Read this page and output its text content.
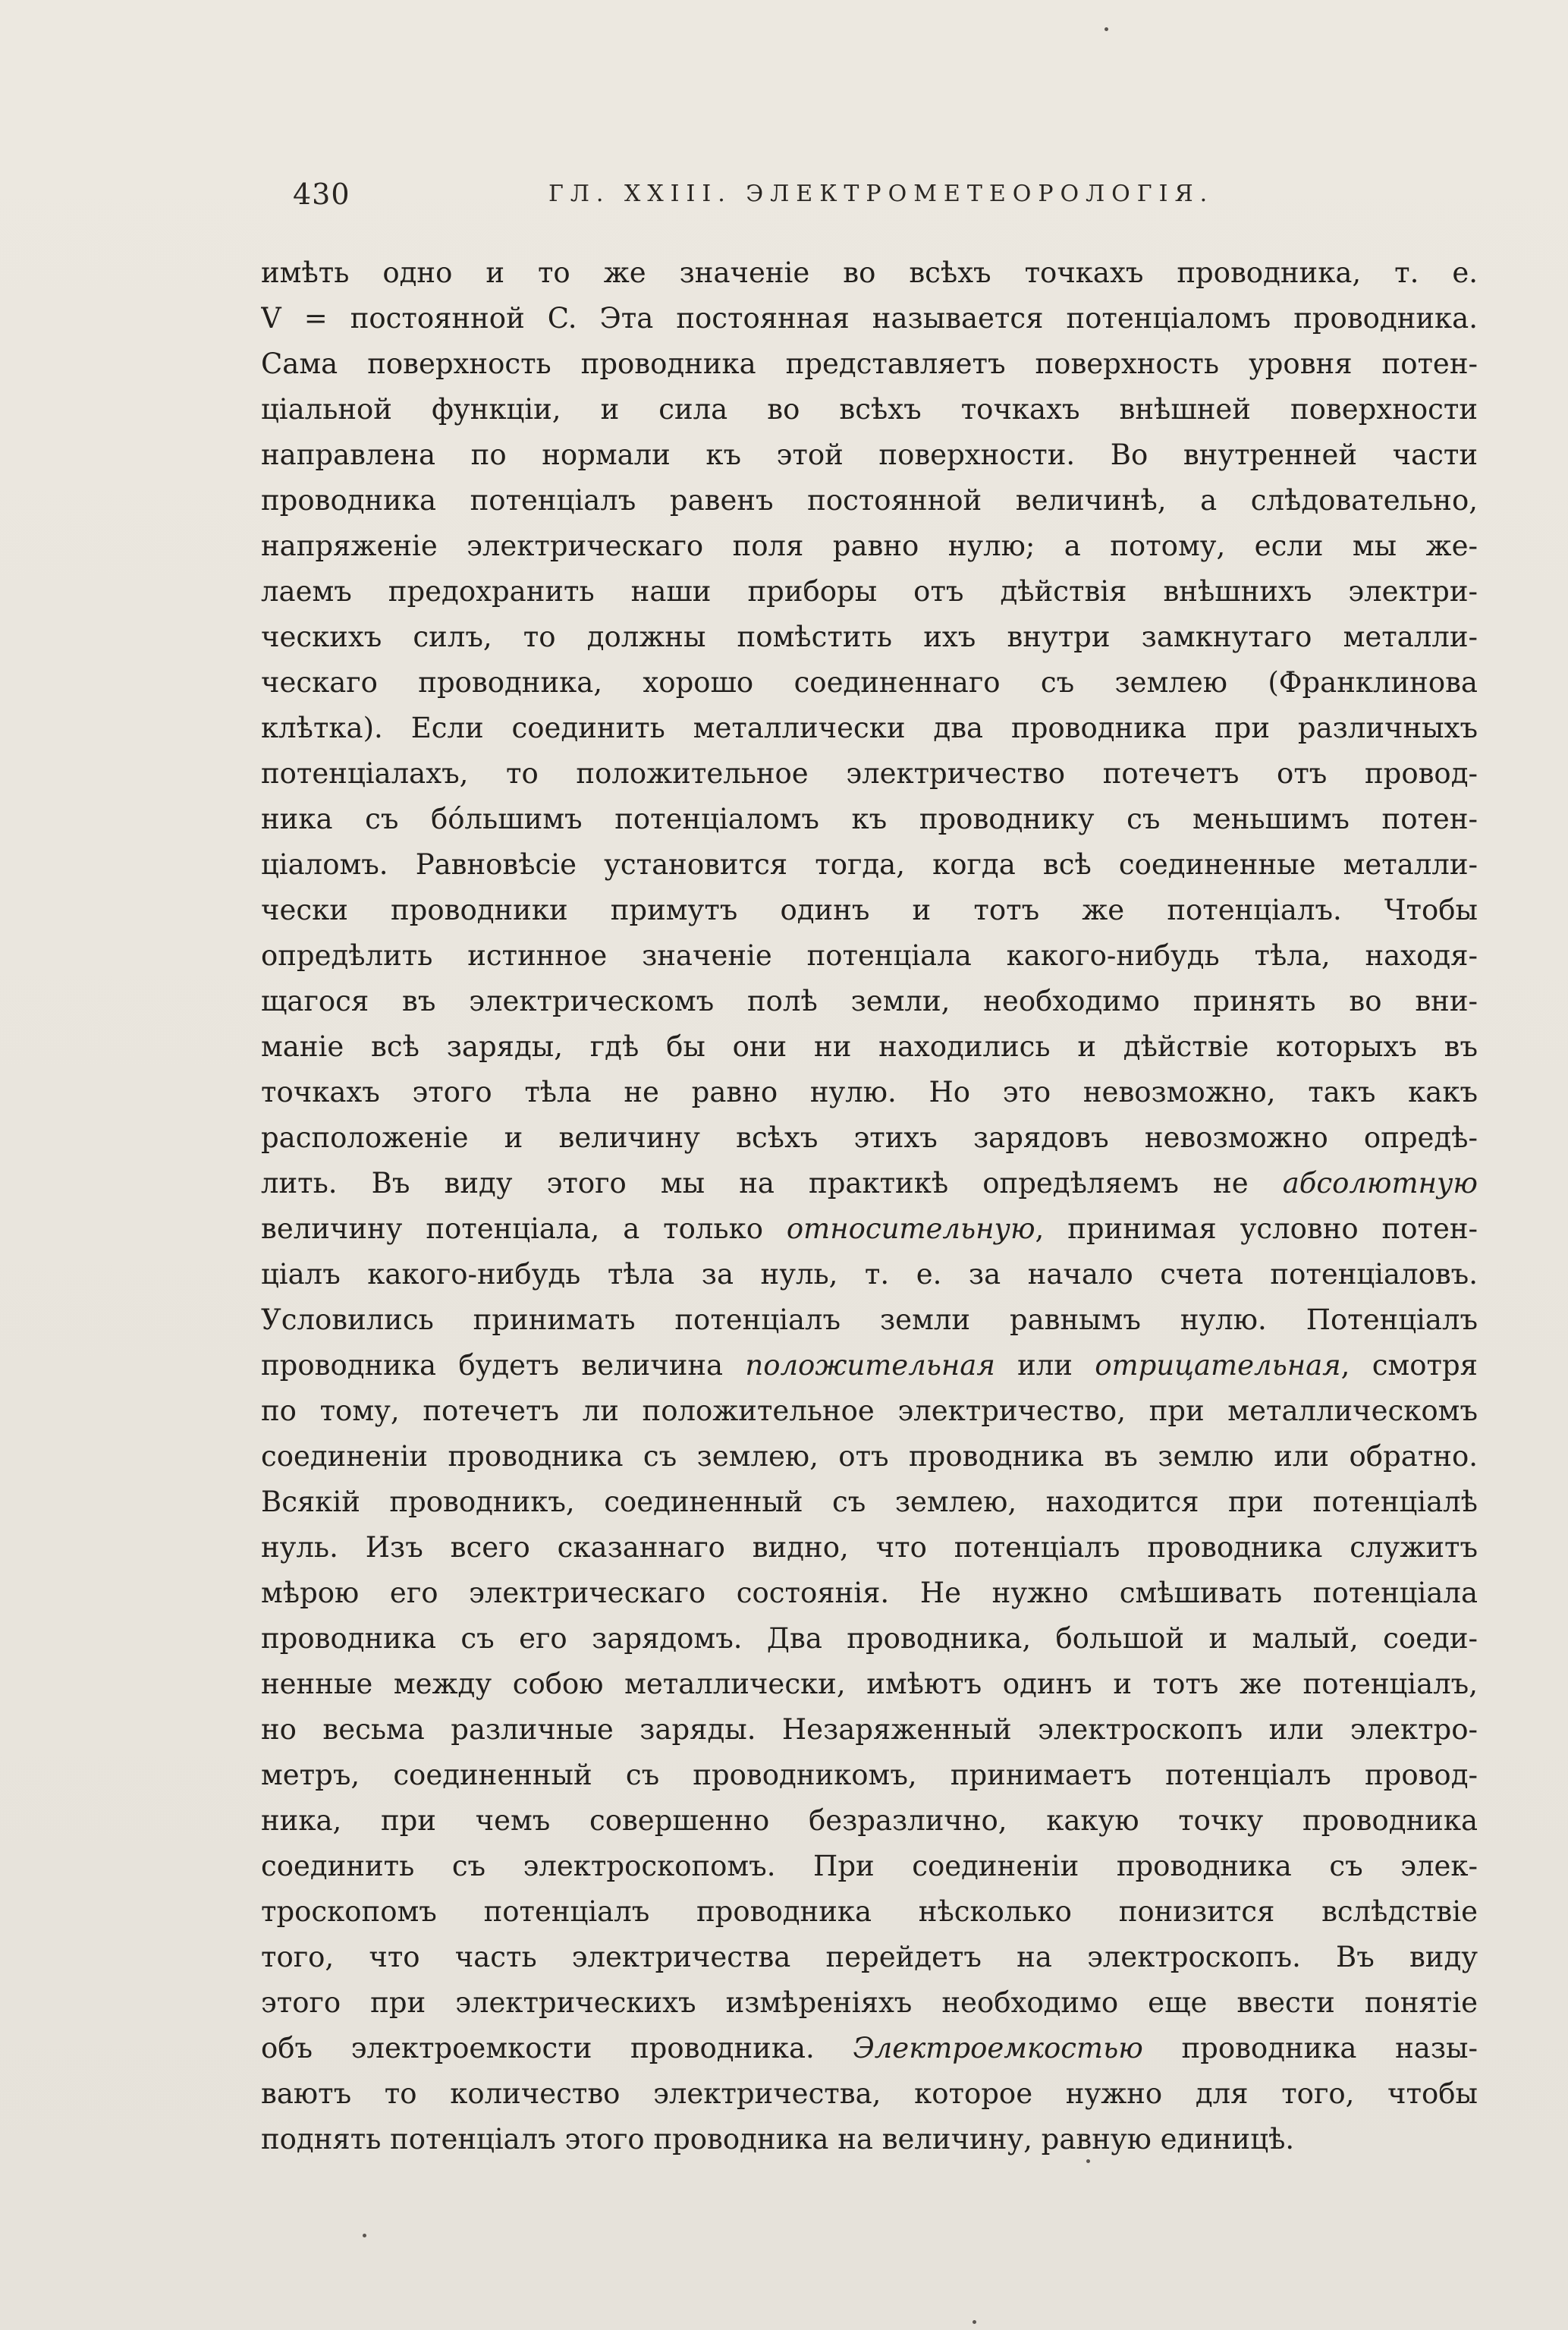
430	ГЛ. XXIII. ЭЛЕКТРОМЕТЕОРОЛОГІЯ.
имѣть одно и то же значеніе во всѣхъ точкахъ проводника, т. е.
V = постоянной C. Эта постоянная называется потенціаломъ проводника.
Сама поверхность проводника представляетъ поверхность уровня потен-
ціальной функціи, и сила во всѣхъ точкахъ внѣшней поверхности
направлена по нормали къ этой поверхности. Во внутренней части
проводника потенціалъ равенъ постоянной величинѣ, а слѣдовательно,
напряженіе электрическаго поля равно нулю; а потому, если мы же-
лаемъ предохранить наши приборы отъ дѣйствія внѣшнихъ электри-
ческихъ силъ, то должны помѣстить ихъ внутри замкнутаго металли-
ческаго проводника, хорошо соединеннаго съ землею (Франклинова
клѣтка). Если соединить металлически два проводника при различныхъ
потенціалахъ, то положительное электричество потечетъ отъ провод-
ника съ бóльшимъ потенціаломъ къ проводнику съ меньшимъ потен-
ціаломъ. Равновѣсіе установится тогда, когда всѣ соединенные металли-
чески проводники примутъ одинъ и тотъ же потенціалъ. Чтобы
опредѣлить истинное значеніе потенціала какого-нибудь тѣла, находя-
щагося въ электрическомъ полѣ земли, необходимо принять во вни-
маніе всѣ заряды, гдѣ бы они ни находились и дѣйствіе которыхъ въ
точкахъ этого тѣла не равно нулю. Но это невозможно, такъ какъ
расположеніе и величину всѣхъ этихъ зарядовъ невозможно опредѣ-
лить. Въ виду этого мы на практикѣ опредѣляемъ не абсолютную
величину потенціала, а только относительную, принимая условно потен-
ціалъ какого-нибудь тѣла за нуль, т. е. за начало счета потенціаловъ.
Условились принимать потенціалъ земли равнымъ нулю. Потенціалъ
проводника будетъ величина положительная или отрицательная, смотря
по тому, потечетъ ли положительное электричество, при металлическомъ
соединеніи проводника съ землею, отъ проводника въ землю или обратно.
Всякій проводникъ, соединенный съ землею, находится при потенціалѣ
нуль. Изъ всего сказаннаго видно, что потенціалъ проводника служитъ
мѣрою его электрическаго состоянія. Не нужно смѣшивать потенціала
проводника съ его зарядомъ. Два проводника, большой и малый, соеди-
ненные между собою металлически, имѣютъ одинъ и тотъ же потенціалъ,
но весьма различные заряды. Незаряженный электроскопъ или электро-
метръ, соединенный съ проводникомъ, принимаетъ потенціалъ провод-
ника, при чемъ совершенно безразлично, какую точку проводника
соединить съ электроскопомъ. При соединеніи проводника съ элек-
троскопомъ потенціалъ проводника нѣсколько понизится вслѣдствіе
того, что часть электричества перейдетъ на электроскопъ. Въ виду
этого при электрическихъ измѣреніяхъ необходимо еще ввести понятіе
объ электроемкости проводника. Электроемкостью проводника назы-
ваютъ то количество электричества, которое нужно для того, чтобы
поднять потенціалъ этого проводника на величину, равную единицѣ.
